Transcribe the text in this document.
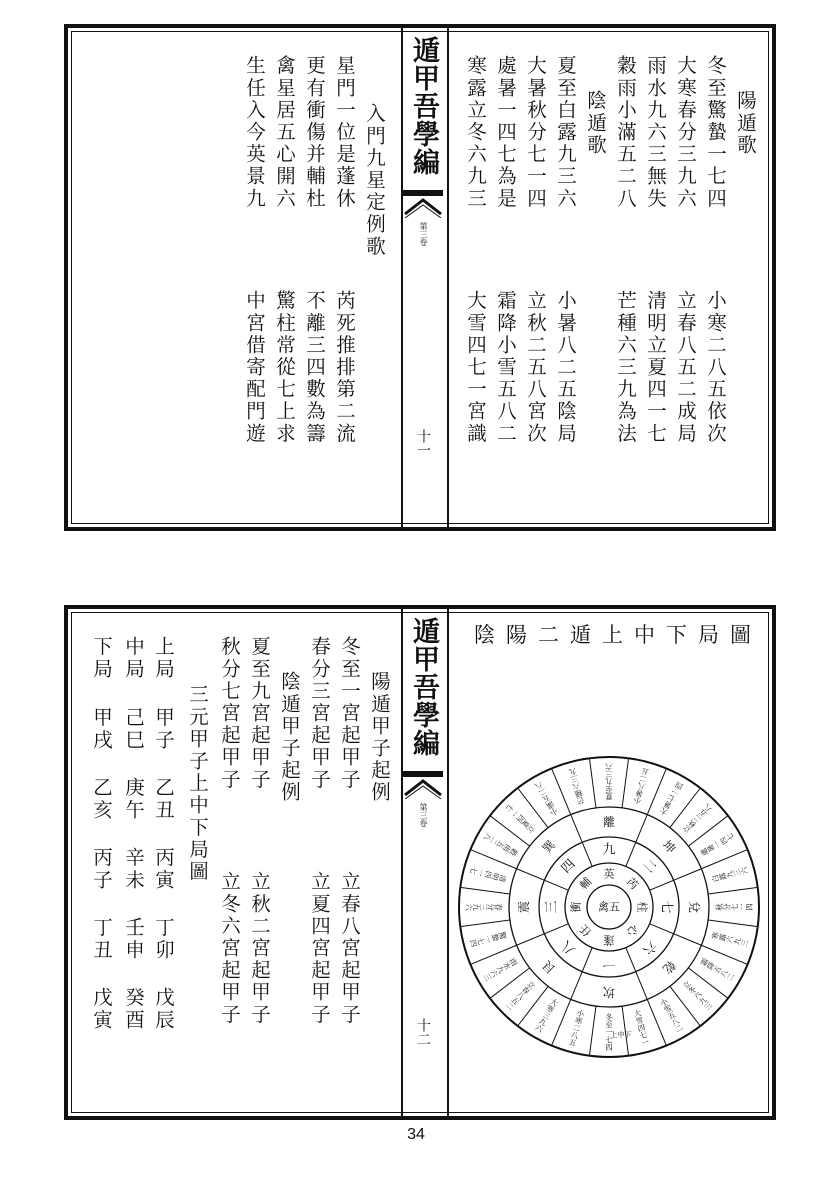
遁甲吾學編
第三卷
十一
陽遁歌
冬至驚蟄一七四
大寒春分三九六
雨水九六三無失
穀雨小滿五二八
陰遁歌
夏至白露九三六
大暑秋分七一四
處暑一四七為是
寒露立冬六九三
小寒二八五依次
立春八五二成局
清明立夏四一七
芒種六三九為法
小暑八二五陰局
立秋二五八宮次
霜降小雪五八二
大雪四七一宮識
入門九星定例歌
星門一位是蓬休
更有衝傷并輔杜
禽星居五心開六
生任入今英景九
芮死推排第二流
不離三四數為籌
驚柱常從七上求
中宮借寄配門遊
遁甲吾學編
第三卷
十二
陽遁甲子起例
冬至一宮起甲子
春分三宮起甲子
陰遁甲子起例
夏至九宮起甲子
秋分七宮起甲子
立春八宮起甲子
立夏四宮起甲子
立秋二宮起甲子
立冬六宮起甲子
三元甲子上中下局圖
上局
中局
下局
甲子
乙丑
丙寅
丁卯
戊辰
己巳
庚午
辛未
壬申
癸酉
甲戌
乙亥
丙子
丁丑
戊寅
陰陽二遁上中下局圖
禽五
蓬
任
衝
輔
英
芮
柱
心
一
八
三
四
九
二
七
六
坎
艮
震
巽
離
坤
兌
乾
冬至一七四
小寒二八五
大寒三九六
立春八五二
雨水九六三
驚蟄一七四
春分三九六
清明四一七
穀雨五二八
立夏四一七
小滿五二八 芒種六三九 夏至九三六 小暑八二五 大暑七一四
立秋二五八
處暑一四七
白露九三六
秋分七一四
寒露六九三
霜降五八二
立冬六九三
小雪五八二
大雪四七一
上中下
34
